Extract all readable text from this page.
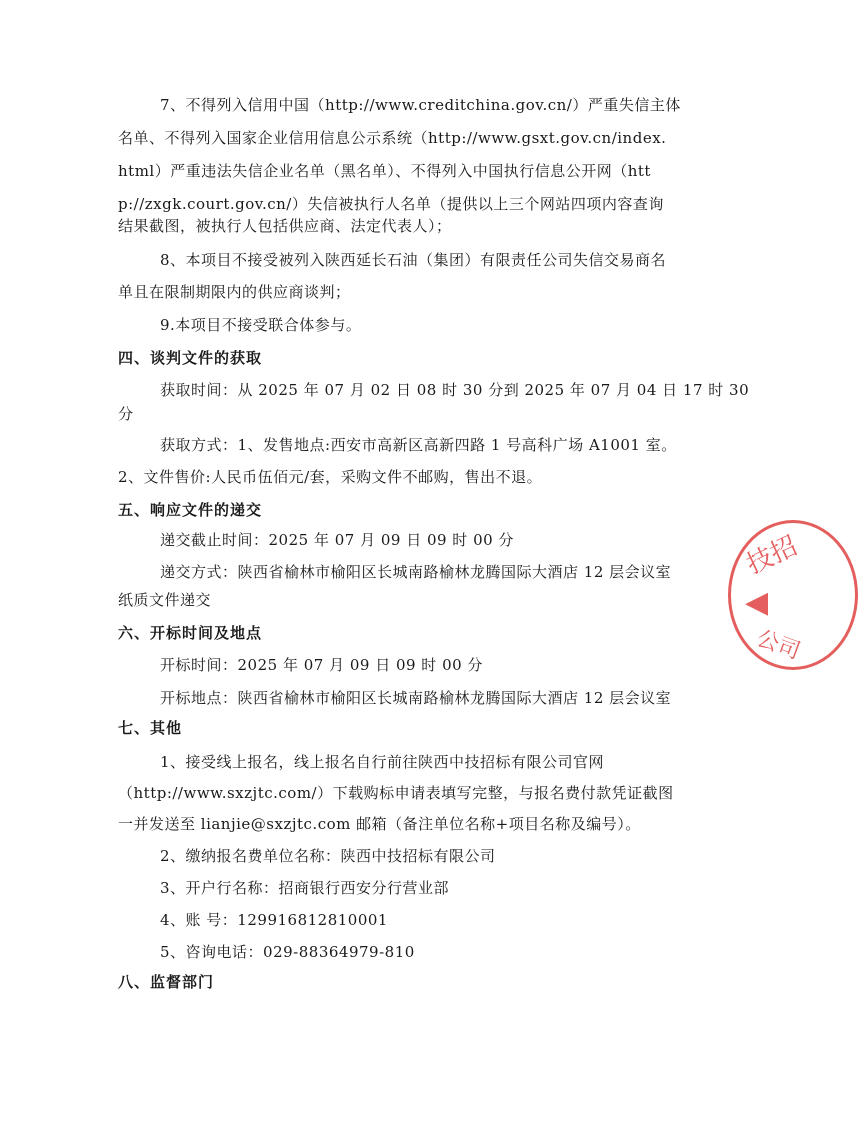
7、不得列入信用中国（http://www.creditchina.gov.cn/）严重失信主体
名单、不得列入国家企业信用信息公示系统（http://www.gsxt.gov.cn/index.
html）严重违法失信企业名单（黑名单）、不得列入中国执行信息公开网（htt
p://zxgk.court.gov.cn/）失信被执行人名单（提供以上三个网站四项内容查询
结果截图，被执行人包括供应商、法定代表人）；
8、本项目不接受被列入陕西延长石油（集团）有限责任公司失信交易商名
单且在限制期限内的供应商谈判；
9.本项目不接受联合体参与。
四、谈判文件的获取
获取时间：从 2025 年 07 月 02 日 08 时 30 分到 2025 年 07 月 04 日 17 时 30
分
获取方式：1、发售地点:西安市高新区高新四路 1 号高科广场 A1001 室。
2、文件售价:人民币伍佰元/套，采购文件不邮购，售出不退。
五、响应文件的递交
递交截止时间：2025 年 07 月 09 日 09 时 00 分
递交方式：陕西省榆林市榆阳区长城南路榆林龙腾国际大酒店 12 层会议室
纸质文件递交
六、开标时间及地点
开标时间：2025 年 07 月 09 日 09 时 00 分
开标地点：陕西省榆林市榆阳区长城南路榆林龙腾国际大酒店 12 层会议室
七、其他
1、接受线上报名，线上报名自行前往陕西中技招标有限公司官网
（http://www.sxzjtc.com/）下载购标申请表填写完整，与报名费付款凭证截图
一并发送至 lianjie@sxzjtc.com 邮箱（备注单位名称+项目名称及编号）。
2、缴纳报名费单位名称：陕西中技招标有限公司
3、开户行名称：招商银行西安分行营业部
4、账 号：129916812810001
5、咨询电话：029-88364979-810
八、监督部门
技招
◀
公司
